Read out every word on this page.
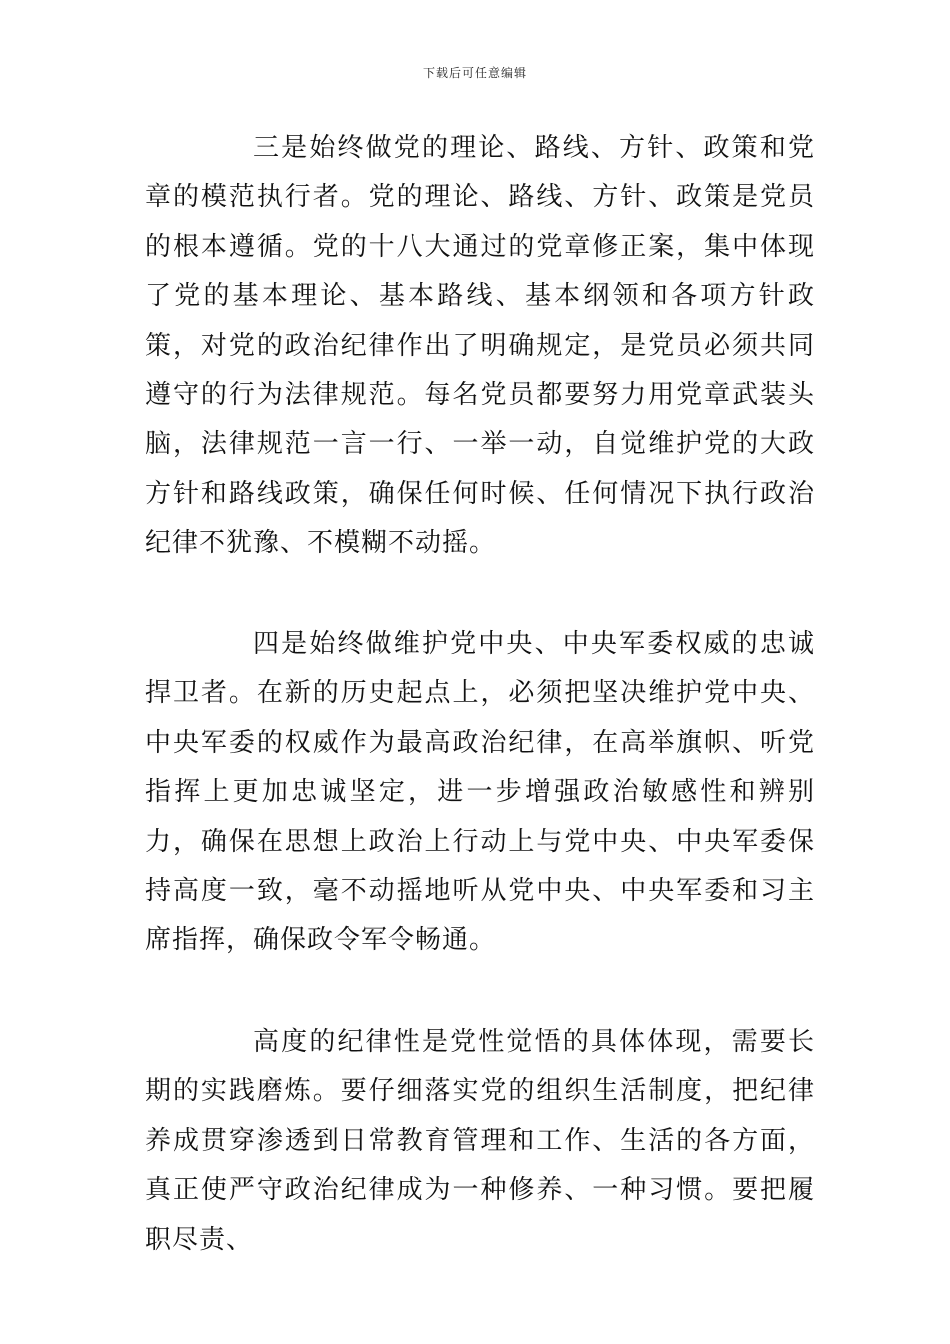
下载后可任意编辑

三是始终做党的理论、路线、方针、政策和党章的模范执行者。党的理论、路线、方针、政策是党员的根本遵循。党的十八大通过的党章修正案，集中体现了党的基本理论、基本路线、基本纲领和各项方针政策，对党的政治纪律作出了明确规定，是党员必须共同遵守的行为法律规范。每名党员都要努力用党章武装头脑，法律规范一言一行、一举一动，自觉维护党的大政方针和路线政策，确保任何时候、任何情况下执行政治纪律不犹豫、不模糊不动摇。

四是始终做维护党中央、中央军委权威的忠诚捍卫者。在新的历史起点上，必须把坚决维护党中央、中央军委的权威作为最高政治纪律，在高举旗帜、听党指挥上更加忠诚坚定，进一步增强政治敏感性和辨别力，确保在思想上政治上行动上与党中央、中央军委保持高度一致，毫不动摇地听从党中央、中央军委和习主席指挥，确保政令军令畅通。

高度的纪律性是党性觉悟的具体体现，需要长期的实践磨炼。要仔细落实党的组织生活制度，把纪律养成贯穿渗透到日常教育管理和工作、生活的各方面，真正使严守政治纪律成为一种修养、一种习惯。要把履职尽责、
